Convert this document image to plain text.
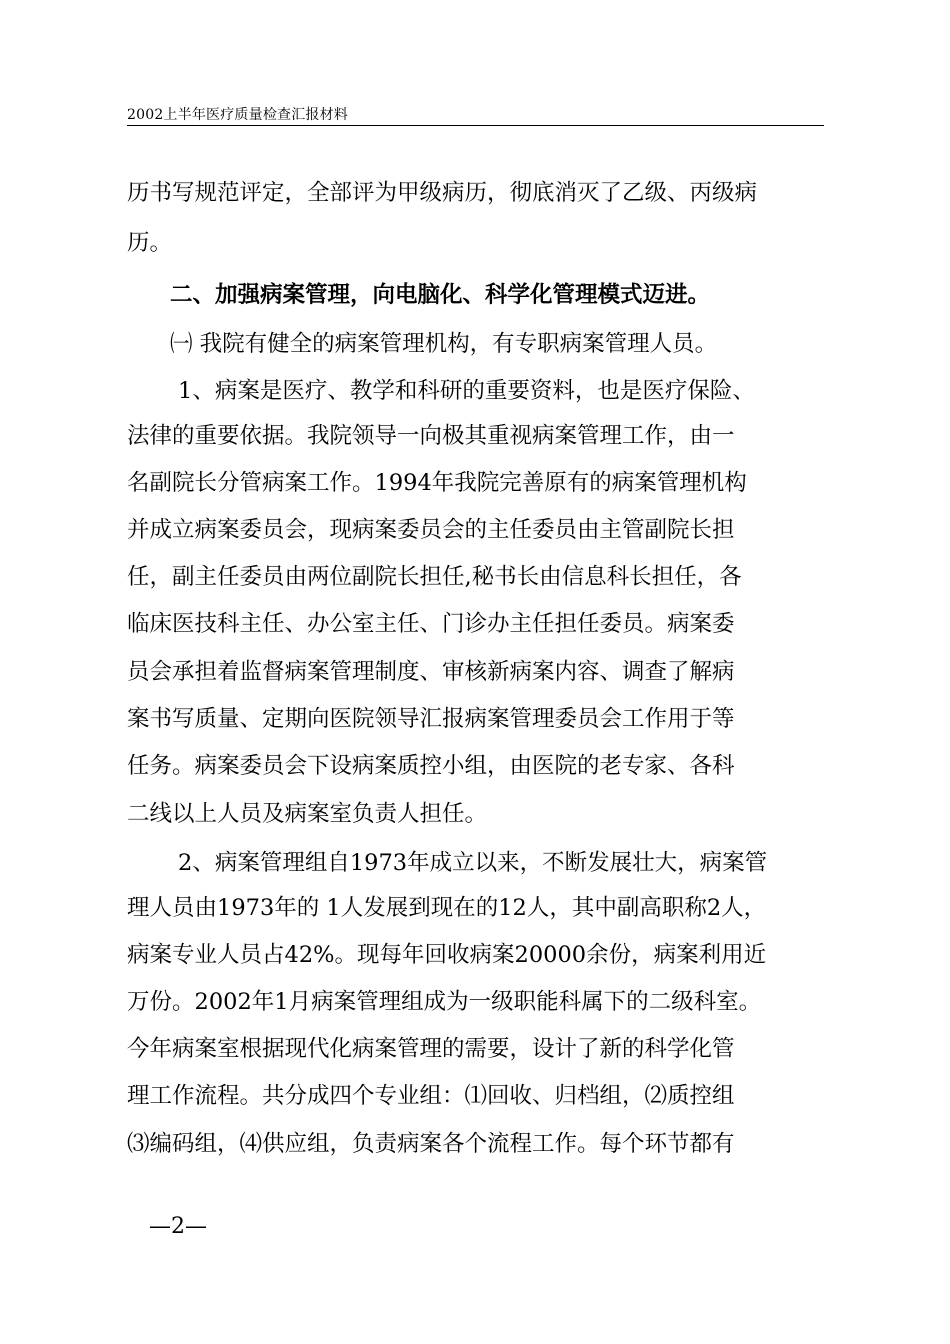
2002上半年医疗质量检查汇报材料
历书写规范评定，全部评为甲级病历，彻底消灭了乙级、丙级病
历。
二、加强病案管理，向电脑化、科学化管理模式迈进。
㈠ 我院有健全的病案管理机构，有专职病案管理人员。
1、病案是医疗、教学和科研的重要资料，也是医疗保险、
法律的重要依据。我院领导一向极其重视病案管理工作，由一
名副院长分管病案工作。1994年我院完善原有的病案管理机构
并成立病案委员会，现病案委员会的主任委员由主管副院长担
任，副主任委员由两位副院长担任,秘书长由信息科长担任，各
临床医技科主任、办公室主任、门诊办主任担任委员。病案委
员会承担着监督病案管理制度、审核新病案内容、调查了解病
案书写质量、定期向医院领导汇报病案管理委员会工作用于等
任务。病案委员会下设病案质控小组，由医院的老专家、各科
二线以上人员及病案室负责人担任。
2、病案管理组自1973年成立以来，不断发展壮大，病案管
理人员由1973年的 1人发展到现在的12人，其中副高职称2人，
病案专业人员占42%。现每年回收病案20000余份，病案利用近
万份。2002年1月病案管理组成为一级职能科属下的二级科室。
今年病案室根据现代化病案管理的需要，设计了新的科学化管
理工作流程。共分成四个专业组：⑴回收、归档组，⑵质控组
⑶编码组，⑷供应组，负责病案各个流程工作。每个环节都有
—2—
